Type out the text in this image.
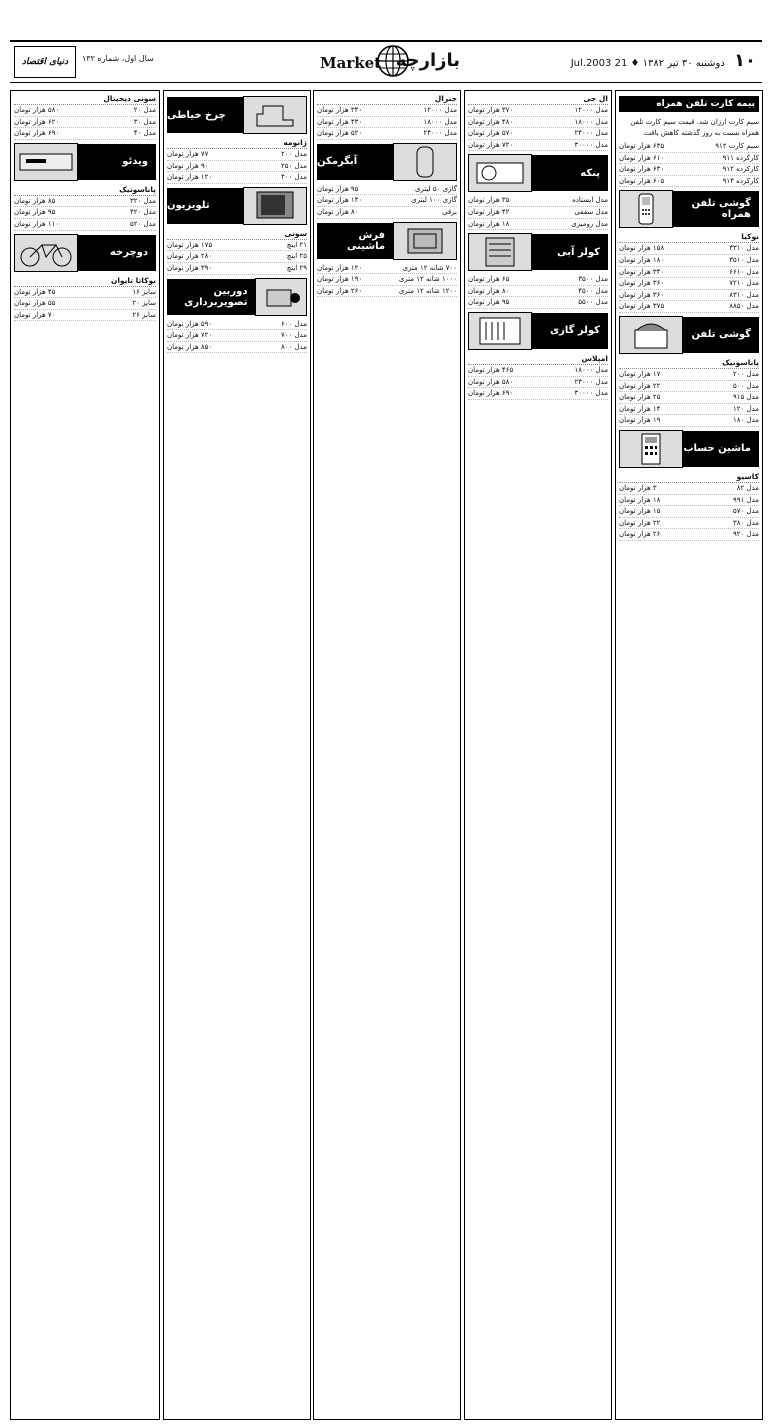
۱۰ دوشنبه ۳۰ تیر ۱۳۸۲ ♦ 21 Jul.2003
Market بازارچه
سال اول، شماره ۱۳۲
دنیای اقتصاد
بیمه کارت تلفن همراه
سیم کارت ارزان شد. قیمت سیم کارت تلفن همراه نسبت به روز گذشته کاهش یافت.
سیم کارت ۹۱۲
۶۳۵ هزار تومان
کارکرده ۹۱۱
۶۱۰ هزار تومان
کارکرده ۹۱۲
۶۳۰ هزار تومان
کارکرده ۹۱۳
۶۰۵ هزار تومان
گوشی تلفن همراه
نوکیا
مدل ۳۳۱۰
۱۵۸ هزار تومان
مدل ۳۵۱۰
۱۸۰ هزار تومان
مدل ۶۶۱۰
۳۳۰ هزار تومان
مدل ۷۲۱۰
۳۶۰ هزار تومان
مدل ۸۳۱۰
۳۶۰ هزار تومان
مدل ۸۸۵۰
۳۷۵ هزار تومان
گوشی تلفن
پاناسونیک
مدل ۲۰۰
۱۷ هزار تومان
مدل ۵۰۰
۲۲ هزار تومان
مدل ۹۱۵
۲۵ هزار تومان
مدل ۱۲۰
۱۴ هزار تومان
مدل ۱۸۰
۱۹ هزار تومان
ماشین حساب
کاسیو
مدل ۸۲
۳ هزار تومان
مدل ۹۹۱
۱۸ هزار تومان
مدل ۵۷۰
۱۵ هزار تومان
مدل ۳۸۰
۲۲ هزار تومان
مدل ۹۲۰
۲۶ هزار تومان
ال جی
مدل ۱۲۰۰۰
۳۷۰ هزار تومان
مدل ۱۸۰۰۰
۴۸۰ هزار تومان
مدل ۲۴۰۰۰
۵۷۰ هزار تومان
مدل ۳۰۰۰۰
۷۲۰ هزار تومان
پنکه
مدل ایستاده
۳۵ هزار تومان
مدل سقفی
۴۲ هزار تومان
مدل رومیزی
۱۸ هزار تومان
کولر آبی
مدل ۳۵۰۰
۶۵ هزار تومان
مدل ۴۵۰۰
۸۰ هزار تومان
مدل ۵۵۰۰
۹۵ هزار تومان
کولر گازی
امپلاس
مدل ۱۸۰۰۰
۴۶۵ هزار تومان
مدل ۲۴۰۰۰
۵۸۰ هزار تومان
مدل ۳۰۰۰۰
۶۹۰ هزار تومان
جنرال
مدل ۱۲۰۰۰
۳۴۰ هزار تومان
مدل ۱۸۰۰۰
۴۳۰ هزار تومان
مدل ۲۴۰۰۰
۵۲۰ هزار تومان
آبگرمکن
گازی ۵۰ لیتری
۹۵ هزار تومان
گازی ۱۰۰ لیتری
۱۴۰ هزار تومان
برقی
۸۰ هزار تومان
فرش ماشینی
۷۰۰ شانه ۱۲ متری
۱۲۰ هزار تومان
۱۰۰۰ شانه ۱۲ متری
۱۹۰ هزار تومان
۱۲۰۰ شانه ۱۲ متری
۲۶۰ هزار تومان
چرخ خیاطی
ژانومه
مدل ۲۰۰
۷۷ هزار تومان
مدل ۲۵۰
۹۰ هزار تومان
مدل ۴۰۰
۱۲۰ هزار تومان
تلویزیون
سونی
۲۱ اینچ
۱۷۵ هزار تومان
۲۵ اینچ
۲۸۰ هزار تومان
۲۹ اینچ
۳۹۰ هزار تومان
دوربین تصویربرداری
مدل ۶۰۰
۵۹۰ هزار تومان
مدل ۷۰۰
۷۲۰ هزار تومان
مدل ۸۰۰
۸۵۰ هزار تومان
سونی دیجیتال
مدل ۲۰
۵۸۰ هزار تومان
مدل ۳۰
۶۲۰ هزار تومان
مدل ۴۰
۶۹۰ هزار تومان
ویدئو
پاناسونیک
مدل ۳۲۰
۸۵ هزار تومان
مدل ۴۲۰
۹۵ هزار تومان
مدل ۵۲۰
۱۱۰ هزار تومان
دوچرخه
بوکاتا تایوان
سایز ۱۶
۴۵ هزار تومان
سایز ۲۰
۵۵ هزار تومان
سایز ۲۶
۷۰ هزار تومان
